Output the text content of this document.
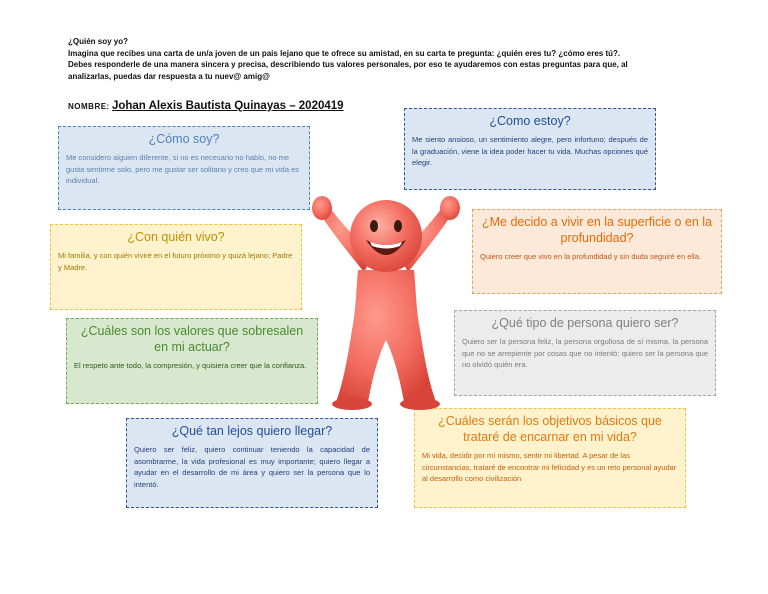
¿Quién soy yo?
Imagina que recibes una carta de un/a joven de un país lejano que te ofrece su amistad, en su carta te pregunta: ¿quién eres tu? ¿cómo eres tú?.
Debes responderle de una manera sincera y precisa, describiendo tus valores personales, por eso te ayudaremos con estas preguntas para que, al
analizarlas, puedas dar respuesta a tu nuev@ amig@
NOMBRE: Johan Alexis Bautista Quinayas – 2020419
¿Cómo soy?

Me considero alguien diferente, si no es necesario no hablo, no me gusta sentirme solo, pero me gustar ser solitario y creo que mi vida es individual.

¿Como estoy?

Me siento ansioso, un sentimiento alegre, pero infortuno; después de la graduación, viene la idea poder hacer tu vida. Muchas opciones qué elegir.

¿Con quién vivo?

Mi familia, y con quién viviré en el futuro próximo y quizá lejano; Padre y Madre.

¿Me decido a vivir en la superficie o en la profundidad?

Quiero creer que vivo en la profundidad y sin duda seguiré en ella.

¿Cuáles son los valores que sobresalen en mi actuar?

El respeto ante todo, la compresión, y quisiera creer que la confianza.

¿Qué tipo de persona quiero ser?

Quiero ser la persona feliz, la persona orgullosa de sí misma, la persona que no se arrepiente por cosas que no intentó; quiero ser la persona que no olvidó quién era.

¿Qué tan lejos quiero llegar?

Quiero ser feliz, quiero continuar teniendo la capacidad de asombrarme, la vida profesional es muy importante; quiero llegar a ayudar en el desarrollo de mi área y quiero ser la persona que lo intentó.

¿Cuáles serán los objetivos básicos que trataré de encarnar en mi vida?

Mi vida, decidir por mí mismo, sentir mi libertad. A pesar de las circunstancias, trataré de encontrar mi felicidad y es un reto personal ayudar al desarrollo como civilización
